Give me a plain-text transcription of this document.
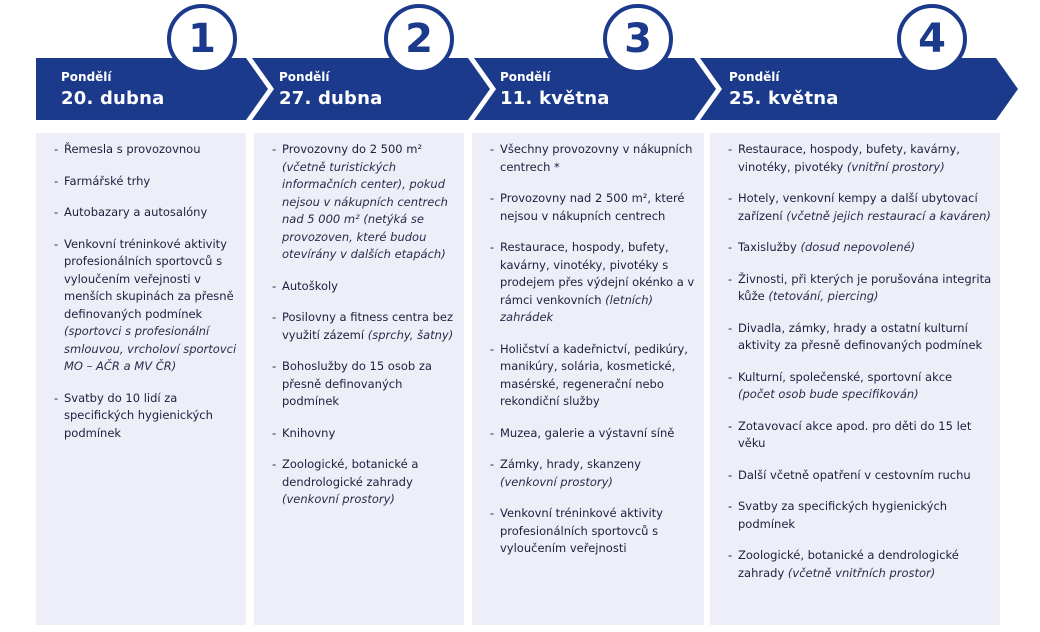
1	2	3	4
Pondělí
20. dubna
Pondělí
27. dubna
Pondělí
11. května
Pondělí
25. května
- Řemesla s provozovnou
- Farmářské trhy
- Autobazary a autosalóny
- Venkovní tréninkové aktivity profesionálních sportovců s vyloučením veřejnosti v menších skupinách za přesně definovaných podmínek (sportovci s profesionální smlouvou, vrcholoví sportovci MO – AČR a MV ČR)
- Svatby do 10 lidí za specifických hygienických podmínek
- Provozovny do 2 500 m² (včetně turistických informačních center), pokud nejsou v nákupních centrech nad 5 000 m² (netýká se provozoven, které budou otevírány v dalších etapách)
- Autoškoly
- Posilovny a fitness centra bez využití zázemí (sprchy, šatny)
- Bohoslužby do 15 osob za přesně definovaných podmínek
- Knihovny
- Zoologické, botanické a dendrologické zahrady (venkovní prostory)
- Všechny provozovny v nákupních centrech *
- Provozovny nad 2 500 m², které nejsou v nákupních centrech
- Restaurace, hospody, bufety, kavárny, vinotéky, pivotéky s prodejem přes výdejní okénko a v rámci venkovních (letních) zahrádek
- Holičství a kadeřnictví, pedikúry, manikúry, solária, kosmetické, masérské, regenerační nebo rekondiční služby
- Muzea, galerie a výstavní síně
- Zámky, hrady, skanzeny (venkovní prostory)
- Venkovní tréninkové aktivity profesionálních sportovců s vyloučením veřejnosti
- Restaurace, hospody, bufety, kavárny, vinotéky, pivotéky (vnitřní prostory)
- Hotely, venkovní kempy a další ubytovací zařízení (včetně jejich restaurací a kaváren)
- Taxislužby (dosud nepovolené)
- Živnosti, při kterých je porušována integrita kůže (tetování, piercing)
- Divadla, zámky, hrady a ostatní kulturní aktivity za přesně definovaných podmínek
- Kulturní, společenské, sportovní akce (počet osob bude specifikován)
- Zotavovací akce apod. pro děti do 15 let věku
- Další včetně opatření v cestovním ruchu
- Svatby za specifických hygienických podmínek
- Zoologické, botanické a dendrologické zahrady (včetně vnitřních prostor)
